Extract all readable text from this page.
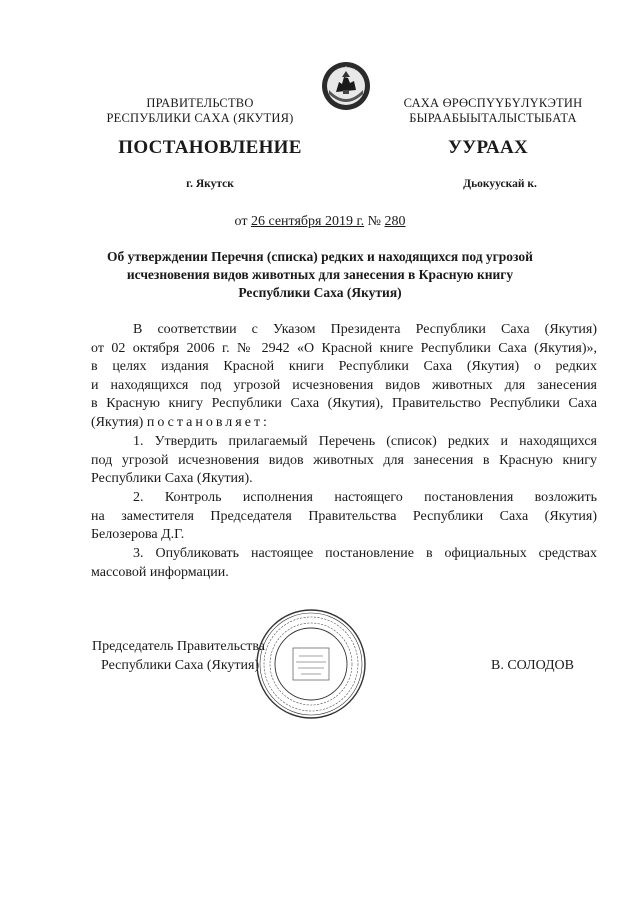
ПРАВИТЕЛЬСТВО
РЕСПУБЛИКИ САХА (ЯКУТИЯ)
САХА ӨРӨСПҮҮБҮЛҮКЭТИН
БЫРААБЫЫТАЛЫСТЫБАТА
ПОСТАНОВЛЕНИЕ	УУРААХ
г. Якутск	Дьокуускай к.
от 26 сентября 2019 г. № 280
Об утверждении Перечня (списка) редких и находящихся под угрозой
исчезновения видов животных для занесения в Красную книгу
Республики Саха (Якутия)
В соответствии с Указом Президента Республики Саха (Якутия)
от 02 октября 2006 г. № 2942 «О Красной книге Республики Саха (Якутия)»,
в целях издания Красной книги Республики Саха (Якутия) о редких
и находящихся под угрозой исчезновения видов животных для занесения
в Красную книгу Республики Саха (Якутия), Правительство Республики Саха
(Якутия) постановляет:
1. Утвердить прилагаемый Перечень (список) редких и находящихся
под угрозой исчезновения видов животных для занесения в Красную книгу
Республики Саха (Якутия).
2. Контроль исполнения настоящего постановления возложить
на заместителя Председателя Правительства Республики Саха (Якутия)
Белозерова Д.Г.
3. Опубликовать настоящее постановление в официальных средствах
массовой информации.
Председатель Правительства
Республики Саха (Якутия)	В. СОЛОДОВ
